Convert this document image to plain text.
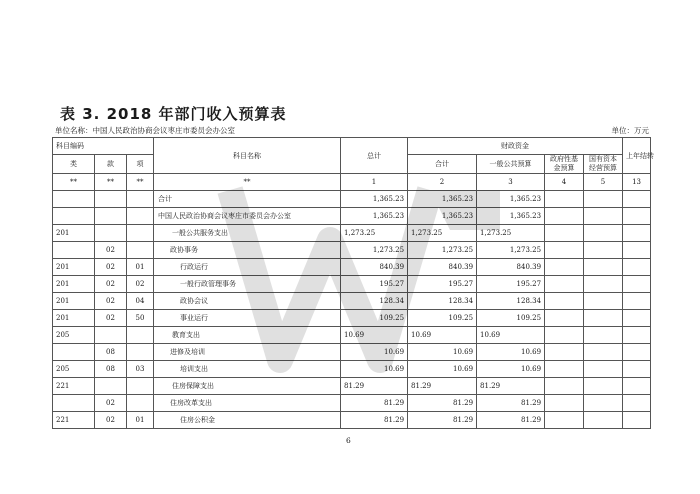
表 3. 2018 年部门收入预算表
单位名称：中国人民政治协商会议枣庄市委员会办公室	单位：万元
科目编码			科目名称	总计	财政资金				上年结转
类	款	项			合计	一般公共预算	政府性基金预算	国有资本经营预算	

**	**	**	**	1	2	3	4	5	13
			合计	1,365.23	1,365.23	1,365.23			
			中国人民政治协商会议枣庄市委员会办公室	1,365.23	1,365.23	1,365.23			
201			一般公共服务支出	1,273.25	1,273.25	1,273.25			
	02		政协事务	1,273.25	1,273.25	1,273.25			
201	02	01	行政运行	840.39	840.39	840.39			
201	02	02	一般行政管理事务	195.27	195.27	195.27			
201	02	04	政协会议	128.34	128.34	128.34			
201	02	50	事业运行	109.25	109.25	109.25			
205			教育支出	10.69	10.69	10.69			
	08		进修及培训	10.69	10.69	10.69			
205	08	03	培训支出	10.69	10.69	10.69			
221			住房保障支出	81.29	81.29	81.29			
	02		住房改革支出	81.29	81.29	81.29			
221	02	01	住房公积金	81.29	81.29	81.29			
6
